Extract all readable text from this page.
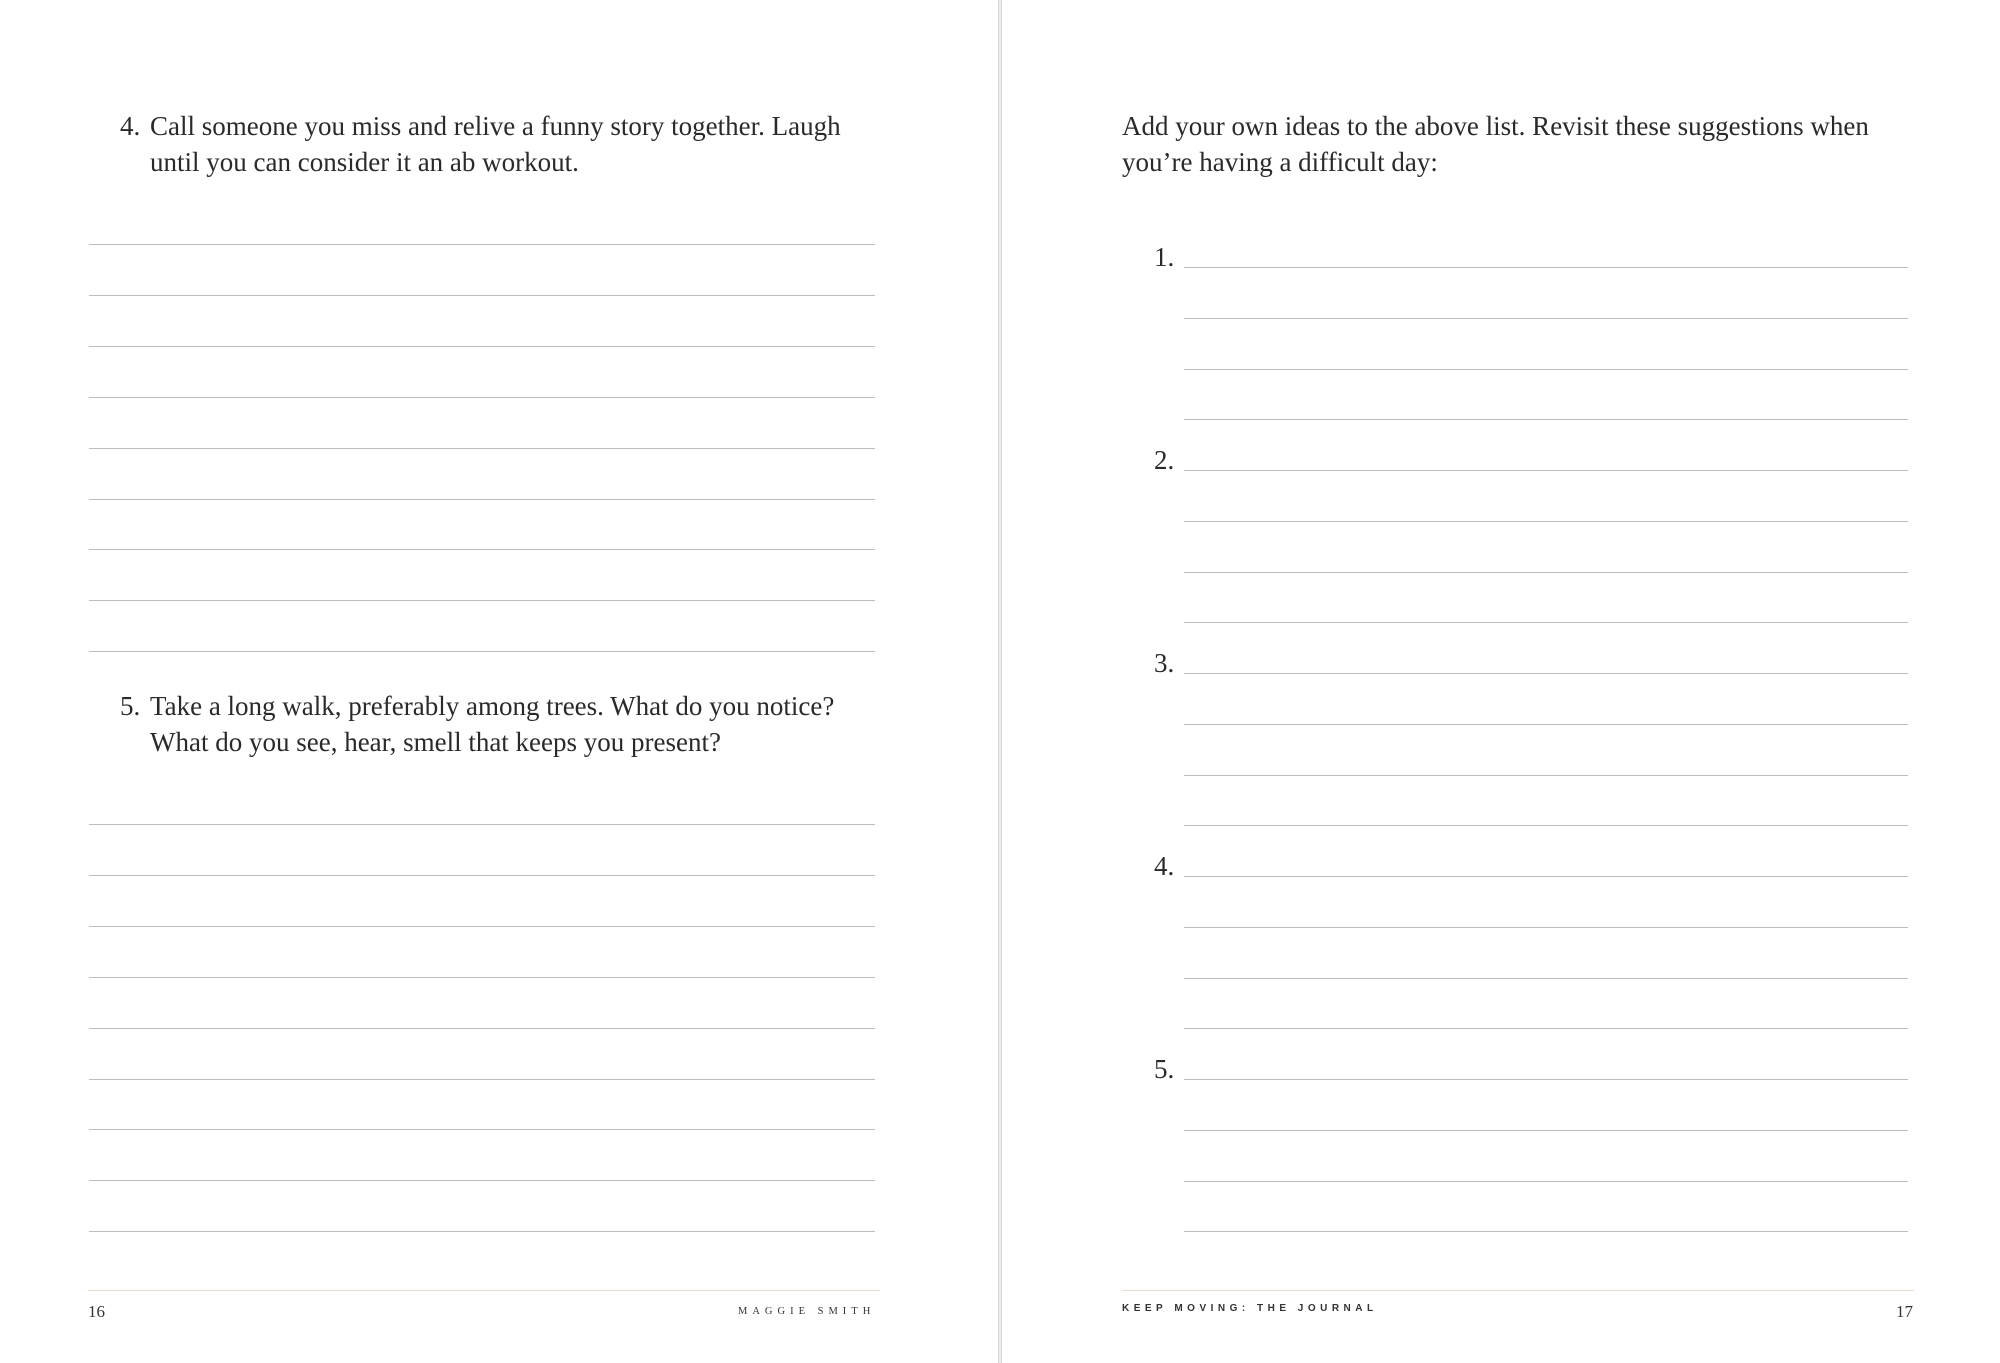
4. Call someone you miss and relive a funny story together. Laugh
until you can consider it an ab workout.
5. Take a long walk, preferably among trees. What do you notice?
What do you see, hear, smell that keeps you present?
16	MAGGIE SMITH
Add your own ideas to the above list. Revisit these suggestions when
you’re having a difficult day:
1.
2.
3.
4.
5.
KEEP MOVING: THE JOURNAL	17
